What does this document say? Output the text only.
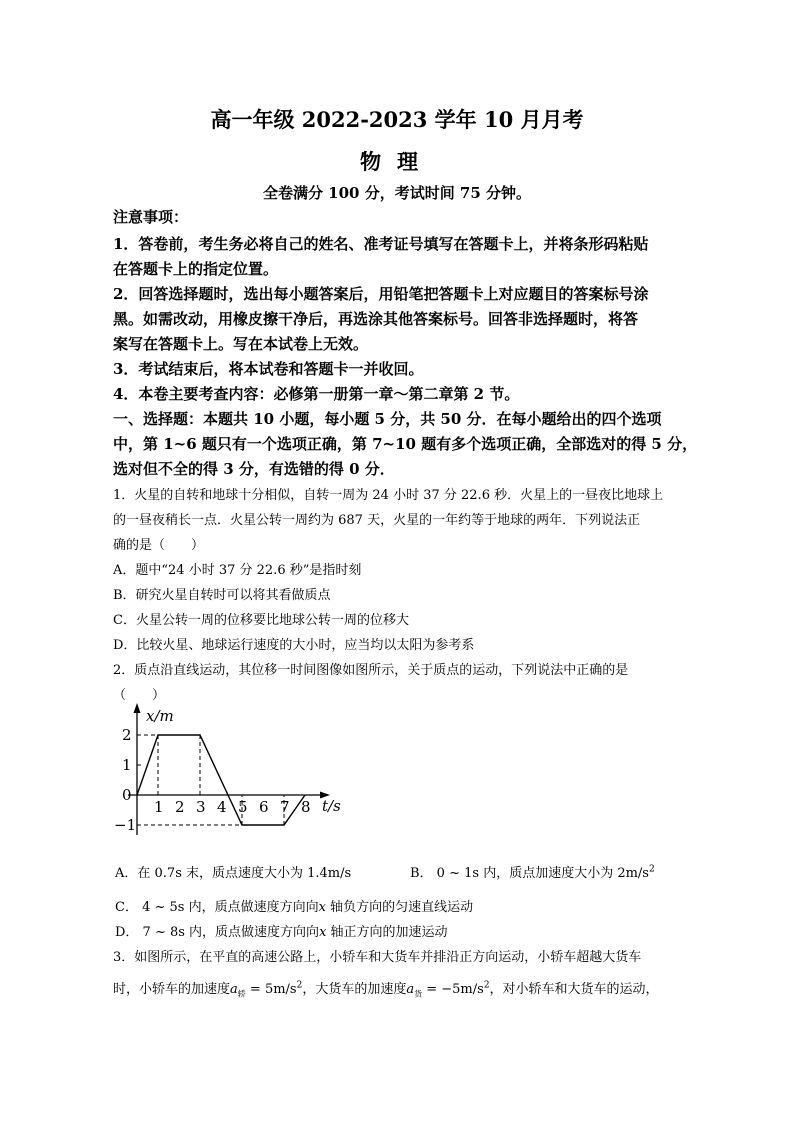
高一年级 2022-2023 学年 10 月月考
物理
全卷满分 100 分，考试时间 75 分钟。
注意事项：
1．答卷前，考生务必将自己的姓名、准考证号填写在答题卡上，并将条形码粘贴
在答题卡上的指定位置。
2．回答选择题时，选出每小题答案后，用铅笔把答题卡上对应题目的答案标号涂
黑。如需改动，用橡皮擦干净后，再选涂其他答案标号。回答非选择题时，将答
案写在答题卡上。写在本试卷上无效。
3．考试结束后，将本试卷和答题卡一并收回。
4．本卷主要考查内容：必修第一册第一章～第二章第 2 节。
一、选择题：本题共 10 小题，每小题 5 分，共 50 分．在每小题给出的四个选项
中，第 1~6 题只有一个选项正确，第 7~10 题有多个选项正确，全部选对的得 5 分，
选对但不全的得 3 分，有选错的得 0 分．
1．火星的自转和地球十分相似，自转一周为 24 小时 37 分 22.6 秒．火星上的一昼夜比地球上
的一昼夜稍长一点．火星公转一周约为 687 天，火星的一年约等于地球的两年．下列说法正
确的是（　　）
A．题中“24 小时 37 分 22.6 秒”是指时刻
B．研究火星自转时可以将其看做质点
C．火星公转一周的位移要比地球公转一周的位移大
D．比较火星、地球运行速度的大小时，应当均以太阳为参考系
2．质点沿直线运动，其位移一时间图像如图所示，关于质点的运动，下列说法中正确的是
（　　）
x/m
t/s
2
1
0
−1
1 2 3 4 5 6 7 8
A．在 0.7s 末，质点速度大小为 1.4m/s	B． 0 ~ 1s 内，质点加速度大小为 $2m/s^2$
C． 4 ~ 5s 内，质点做速度方向向x 轴负方向的匀速直线运动
D． 7 ~ 8s 内，质点做速度方向向x 轴正方向的加速运动
3．如图所示，在平直的高速公路上，小轿车和大货车并排沿正方向运动，小轿车超越大货车
时，小轿车的加速度$a_轿 = 5m/s^2$，大货车的加速度$a_货 = -5m/s^2$，对小轿车和大货车的运动，
